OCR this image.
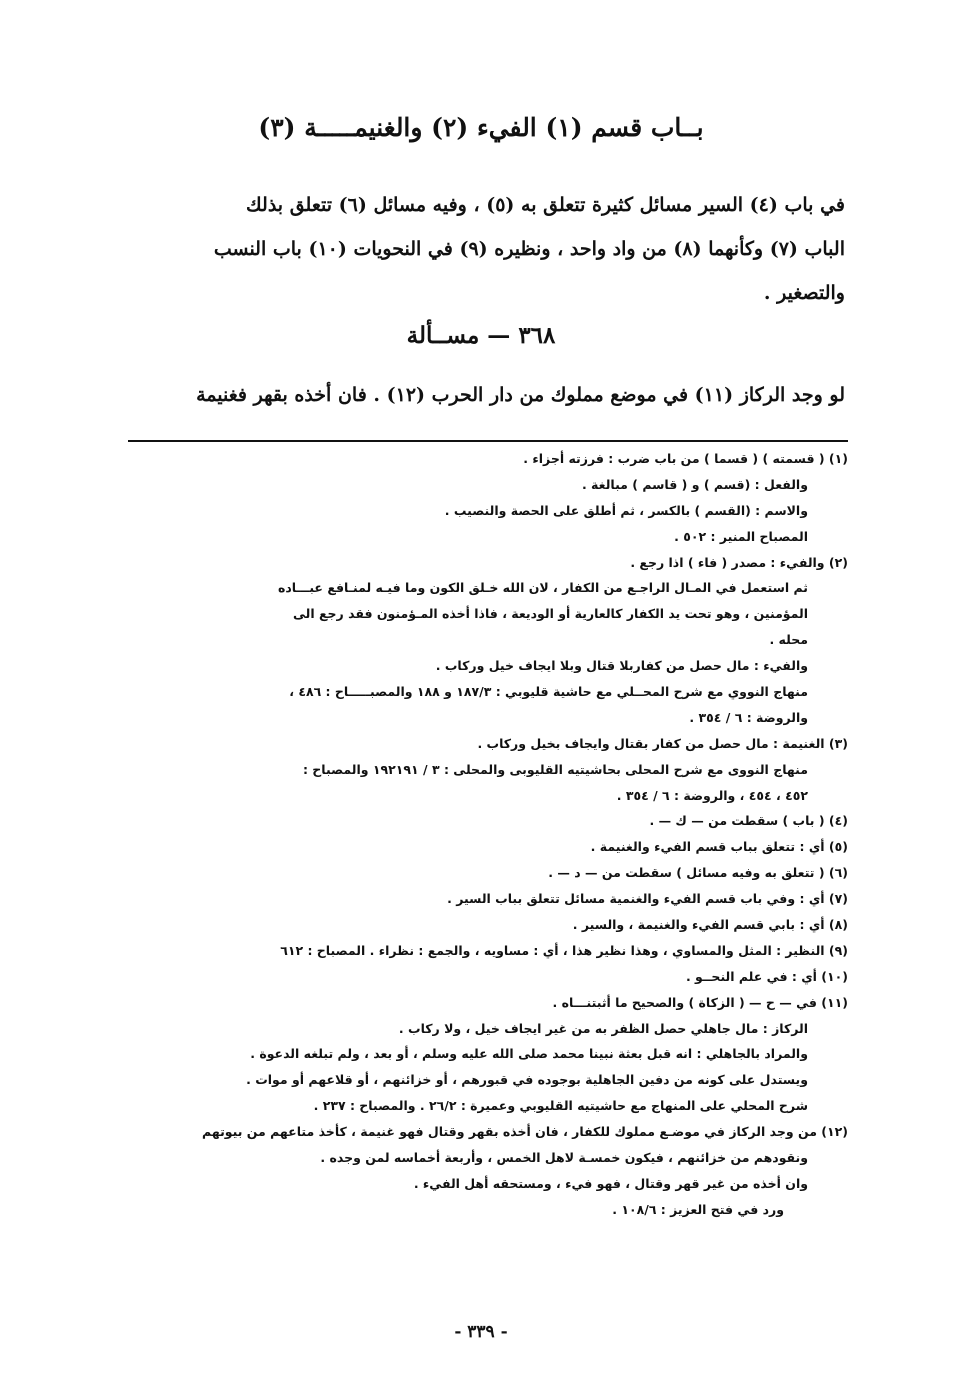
بــاب قسم (١) الفيء (٢) والغنيمـــــة (٣)
في باب (٤) السير مسائل كثيرة تتعلق به (٥) ، وفيه مسائل (٦) تتعلق بذلك
الباب (٧) وكأنهما (٨) من واد واحد ، ونظيره (٩) في النحويات (١٠) باب النسب
والتصغير .
٣٦٨ — مســألة
لو وجد الركاز (١١) في موضع مملوك من دار الحرب (١٢) . فان أخذه بقهر فغنيمة
(١) ( قسمته ) ( قسما ) من باب ضرب : فرزته أجزاء .
والفعل : (قسم ) و ( قاسم ) مبالغة .
والاسم : (القسم ) بالكسر ، ثم أطلق على الحصة والنصيب .
المصباح المنير : ٥٠٢ .
(٢) والفيء : مصدر ( فاء ) اذا رجع .
ثم استعمل في المـال الراجـع من الكفار ، لان الله خـلق الكون وما فيـه لمنـافع عبـــاده
المؤمنين ، وهو تحت يد الكفار كالعارية أو الوديعة ، فاذا أخذه المـؤمنون فقد رجع الى
محله .
والفيء : مال حصل من كفاربلا قتال وبلا ايجاف خيل وركاب .
منهاج النووي مع شرح المحــلي مع حاشية قليوبي : ١٨٧/٣ و ١٨٨ والمصبـــــاح : ٤٨٦ ،
والروضة : ٦ / ٣٥٤ .
(٣) الغنيمة : مال حصل من كفار بقتال وايجاف بخيل وركاب .
منهاج النووى مع شرح المحلى بحاشيتيه القليوبى والمحلى : ٣ / ١٩٢١٩١ والمصباح :
٤٥٢ ، ٤٥٤ ، والروضة : ٦ / ٣٥٤ .
(٤) ( باب ) سقطت من — ك — .
(٥) أي : تتعلق بباب قسم الفيء والغنيمة .
(٦) ( تتعلق به وفيه مسائل ) سقطت من — د — .
(٧) أي : وفي باب قسم الفيء والغنمية مسائل تتعلق بباب السير .
(٨) أي : بابي قسم الفيء والغنيمة ، والسير .
(٩) النظير : المثل والمساوي ، وهذا نظير هذا ، أي : مساويه ، والجمع : نظراء . المصباح : ٦١٢
(١٠) أي : في علم النحــو .
(١١) في — ح — ( الزكاة ) والصحيح ما أثبتنـــاه .
الركاز : مال جاهلي حصل الظفر به من غير ايجاف خيل ، ولا ركاب .
والمراد بالجاهلي : انه قبل بعثة نبينا محمد صلى الله عليه وسلم ، أو بعد ، ولم تبلغه الدعوة .
ويستدل على كونه من دفين الجاهلية بوجوده في قبورهم ، أو خزائنهم ، أو قلاعهم أو موات .
شرح المحلي على المنهاج مع حاشيتيه القليوبي وعميرة : ٢٦/٢ . والمصباح : ٢٣٧ .
(١٢) من وجد الركاز في موضـع مملوك للكفار ، فان أخذه بقهر وقتال فهو غنيمة ، كأخذ متاعهم من بيوتهم
ونقودهم من خزائنهم ، فيكون خمسـة لاهل الخمس ، وأربعة أخماسه لمن وجده .
وان أخذه من غير قهر وقتال ، فهو فيء ، ومستحقه أهل الفيء .
ورد في فتح العزيز : ١٠٨/٦ .
- ٣٣٩ -
